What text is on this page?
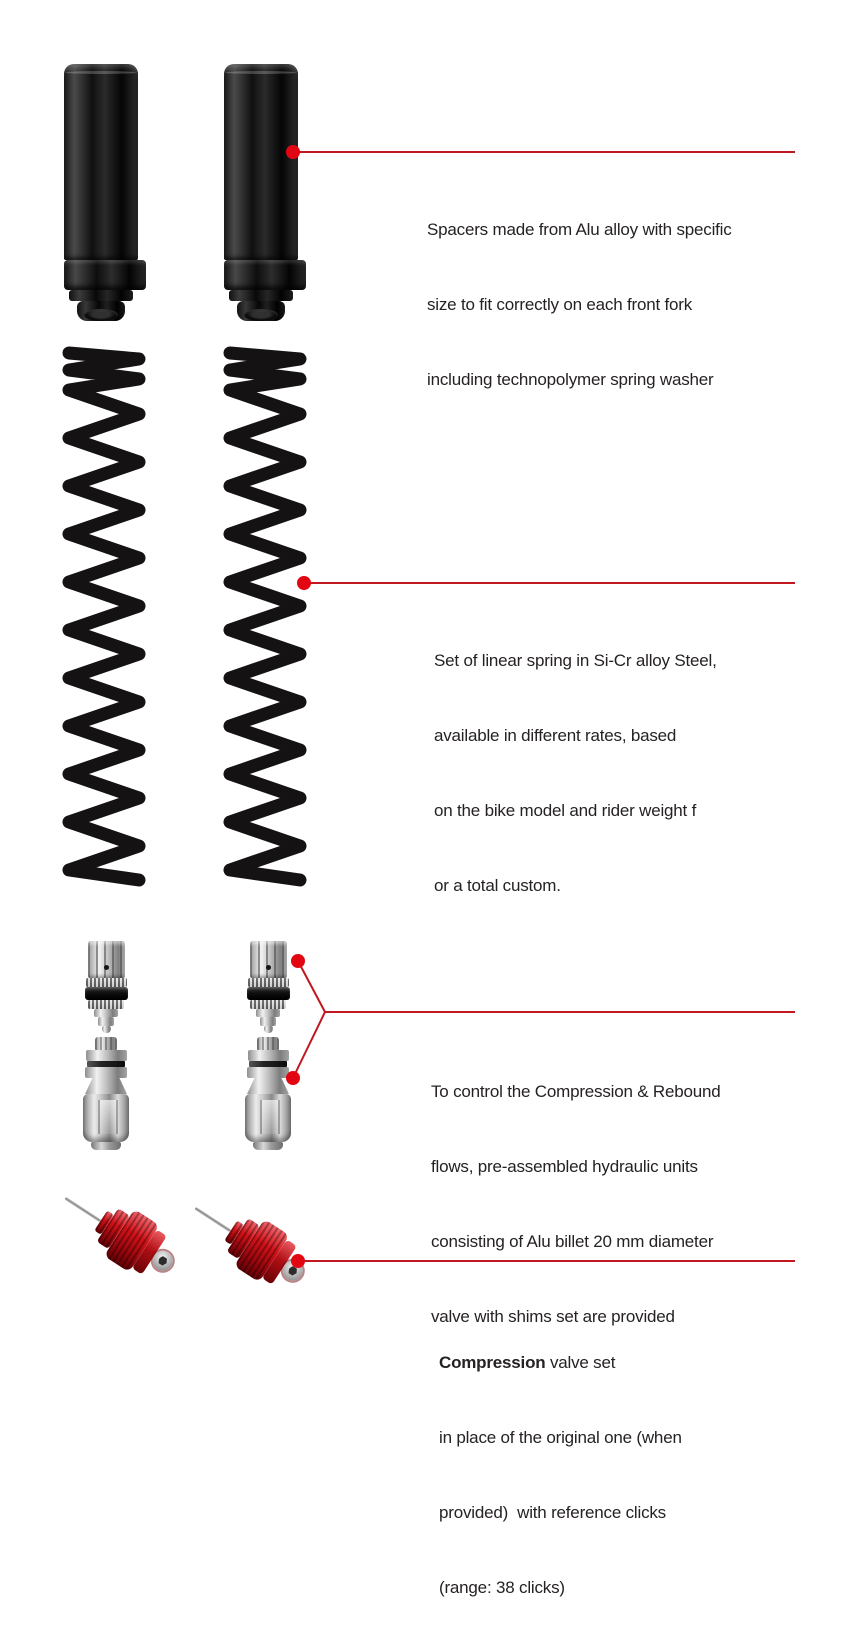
Spacers made from Alu alloy with specific

size to fit correctly on each front fork

including technopolymer spring washer

Set of linear spring in Si-Cr alloy Steel,

available in different rates, based

on the bike model and rider weight f

or a total custom.

To control the Compression & Rebound

flows, pre-assembled hydraulic units

consisting of Alu billet 20 mm diameter

valve with shims set are provided

Compression valve set

in place of the original one (when

provided)  with reference clicks

(range: 38 clicks)
